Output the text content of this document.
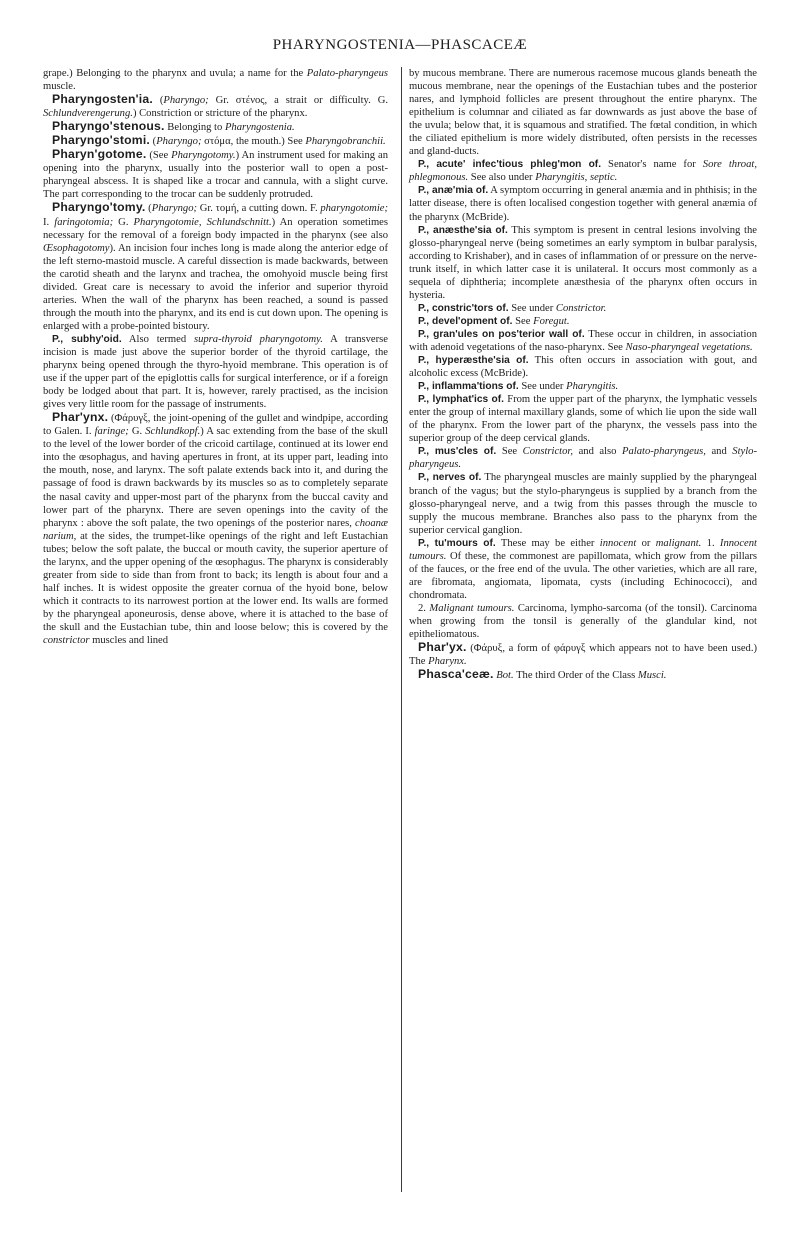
PHARYNGOSTENIA—PHASCACEÆ

grape.) Belonging to the pharynx and uvula; a name for the Palato-pharyngeus muscle.

Pharyngosten'ia. (Pharyngo; Gr. στένος, a strait or difficulty. G. Schlundverengerung.) Constriction or stricture of the pharynx.

Pharyngo'stenous. Belonging to Pharyngostenia.

Pharyngo'stomi. (Pharyngo; στόμα, the mouth.) See Pharyngobranchii.

Pharyn'gotome. (See Pharyngotomy.) An instrument used for making an opening into the pharynx, usually into the posterior wall to open a post-pharyngeal abscess. It is shaped like a trocar and cannula, with a slight curve. The part corresponding to the trocar can be suddenly protruded.

Pharyngo'tomy. (Pharyngo; Gr. τομή, a cutting down. F. pharyngotomie; I. faringotomia; G. Pharyngotomie, Schlundschnitt.) An operation sometimes necessary for the removal of a foreign body impacted in the pharynx (see also Œsophagotomy). An incision four inches long is made along the anterior edge of the left sterno-mastoid muscle. A careful dissection is made backwards, between the carotid sheath and the larynx and trachea, the omohyoid muscle being first divided. Great care is necessary to avoid the inferior and superior thyroid arteries. When the wall of the pharynx has been reached, a sound is passed through the mouth into the pharynx, and its end is cut down upon. The opening is enlarged with a probe-pointed bistoury.

P., subhy'oid. Also termed supra-thyroid pharyngotomy. A transverse incision is made just above the superior border of the thyroid cartilage, the pharynx being opened through the thyro-hyoid membrane. This operation is of use if the upper part of the epiglottis calls for surgical interference, or if a foreign body be lodged about that part. It is, however, rarely practised, as the incision gives very little room for the passage of instruments.

Phar'ynx. (Φάρυγξ, the joint-opening of the gullet and windpipe, according to Galen. I. faringe; G. Schlundkopf.) A sac extending from the base of the skull to the level of the lower border of the cricoid cartilage, continued at its lower end into the œsophagus, and having apertures in front, at its upper part, leading into the mouth, nose, and larynx. The soft palate extends back into it, and during the passage of food is drawn backwards by its muscles so as to completely separate the nasal cavity and upper-most part of the pharynx from the buccal cavity and lower part of the pharynx. There are seven openings into the cavity of the pharynx : above the soft palate, the two openings of the posterior nares, choanæ narium, at the sides, the trumpet-like openings of the right and left Eustachian tubes; below the soft palate, the buccal or mouth cavity, the superior aperture of the larynx, and the upper opening of the œsophagus. The pharynx is considerably greater from side to side than from front to back; its length is about four and a half inches. It is widest opposite the greater cornua of the hyoid bone, below which it contracts to its narrowest portion at the lower end. Its walls are formed by the pharyngeal aponeurosis, dense above, where it is attached to the base of the skull and the Eustachian tube, thin and loose below; this is covered by the constrictor muscles and lined

by mucous membrane. There are numerous racemose mucous glands beneath the mucous membrane, near the openings of the Eustachian tubes and the posterior nares, and lymphoid follicles are present throughout the entire pharynx. The epithelium is columnar and ciliated as far downwards as just above the base of the uvula; below that, it is squamous and stratified. The fœtal condition, in which the ciliated epithelium is more widely distributed, often persists in the recesses and gland-ducts.

P., acute' infec'tious phleg'mon of. Senator's name for Sore throat, phlegmonous. See also under Pharyngitis, septic.

P., anæ'mia of. A symptom occurring in general anæmia and in phthisis; in the latter disease, there is often localised congestion together with general anæmia of the pharynx (McBride).

P., anæsthe'sia of. This symptom is present in central lesions involving the glosso-pharyngeal nerve (being sometimes an early symptom in bulbar paralysis, according to Krishaber), and in cases of inflammation of or pressure on the nerve-trunk itself, in which latter case it is unilateral. It occurs most commonly as a sequela of diphtheria; incomplete anæsthesia of the pharynx often occurs in hysteria.

P., constric'tors of. See under Constrictor.

P., devel'opment of. See Foregut.

P., gran'ules on pos'terior wall of. These occur in children, in association with adenoid vegetations of the naso-pharynx. See Naso-pharyngeal vegetations.

P., hyperæsthe'sia of. This often occurs in association with gout, and alcoholic excess (McBride).

P., inflamma'tions of. See under Pharyngitis.

P., lymphat'ics of. From the upper part of the pharynx, the lymphatic vessels enter the group of internal maxillary glands, some of which lie upon the side wall of the pharynx. From the lower part of the pharynx, the vessels pass into the superior group of the deep cervical glands.

P., mus'cles of. See Constrictor, and also Palato-pharyngeus, and Stylo-pharyngeus.

P., nerves of. The pharyngeal muscles are mainly supplied by the pharyngeal branch of the vagus; but the stylo-pharyngeus is supplied by a branch from the glosso-pharyngeal nerve, and a twig from this passes through the muscle to supply the mucous membrane. Branches also pass to the pharynx from the superior cervical ganglion.

P., tu'mours of. These may be either innocent or malignant. 1. Innocent tumours. Of these, the commonest are papillomata, which grow from the pillars of the fauces, or the free end of the uvula. The other varieties, which are all rare, are fibromata, angiomata, lipomata, cysts (including Echinococci), and chondromata.

2. Malignant tumours. Carcinoma, lympho-sarcoma (of the tonsil). Carcinoma when growing from the tonsil is generally of the glandular kind, not epitheliomatous.

Phar'yx. (Φάρυξ, a form of φάρυγξ which appears not to have been used.) The Pharynx.

Phasca'ceæ. Bot. The third Order of the Class Musci.
